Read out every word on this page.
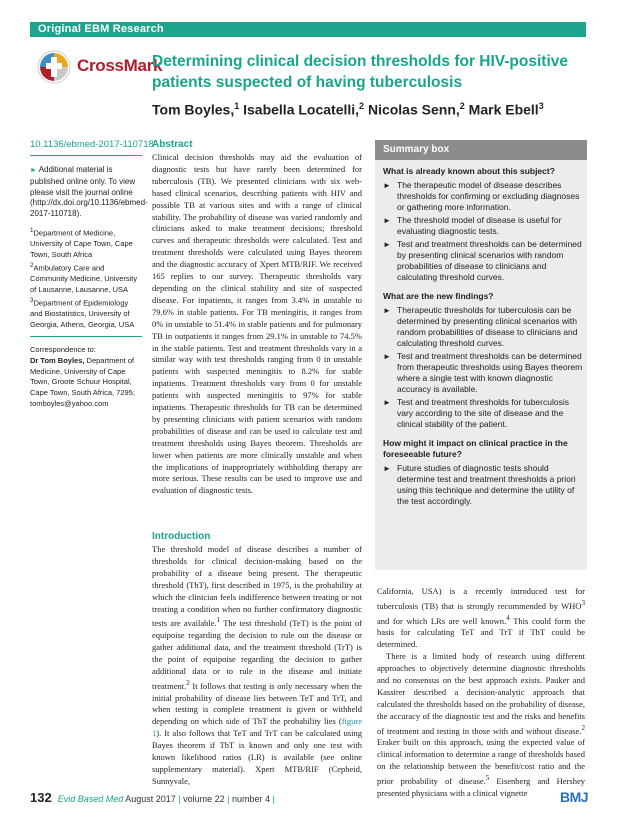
Original EBM Research
CrossMark
Determining clinical decision thresholds for HIV-positive patients suspected of having tuberculosis
Tom Boyles,$^1$ Isabella Locatelli,$^2$ Nicolas Senn,$^2$ Mark Ebell$^3$
10.1136/ebmed-2017-110718
► Additional material is published online only. To view please visit the journal online (http://dx.doi.org/10.1136/ebmed-2017-110718).

$^1$Department of Medicine, University of Cape Town, Cape Town, South Africa

$^2$Ambulatory Care and Community Medicine, University of Lausanne, Lausanne, USA

$^3$Department of Epidemiology and Biostatistics, University of Georgia, Athens, Georgia, USA

Correspondence to:

Dr Tom Boyles, Department of Medicine, University of Cape Town, Groote Schuur Hospital, Cape Town, South Africa, 7295; tomboyles@yahoo.com

Abstract

Clinical decision thresholds may aid the evaluation of diagnostic tests but have rarely been determined for tuberculosis (TB). We presented clinicians with six web-based clinical scenarios, describing patients with HIV and possible TB at various sites and with a range of clinical stability. The probability of disease was varied randomly and clinicians asked to make treatment decisions; threshold curves and therapeutic thresholds were calculated. Test and treatment thresholds were calculated using Bayes theorem and the diagnostic accuracy of Xpert MTB/RIF. We received 165 replies to our survey. Therapeutic thresholds vary depending on the clinical stability and site of suspected disease. For inpatients, it ranges from 3.4% in unstable to 79.6% in stable patients. For TB meningitis, it ranges from 0% in unstable to 51.4% in stable patients and for pulmonary TB in outpatients it ranges from 29.1% in unstable to 74.5% in the stable patients. Test and treatment thresholds vary in a similar way with test thresholds ranging from 0 in unstable patients with suspected meningitis to 8.2% for stable inpatients. Treatment thresholds vary from 0 for unstable patients with suspected meningitis to 97% for stable inpatients. Therapeutic thresholds for TB can be determined by presenting clinicians with patient scenarios with random probabilities of disease and can be used to calculate test and treatment thresholds using Bayes theorem. Thresholds are lower when patients are more clinically unstable and when the implications of inappropriately withholding therapy are more serious. These results can be used to improve use and evaluation of diagnostic tests.

Introduction

The threshold model of disease describes a number of thresholds for clinical decision-making based on the probability of a disease being present. The therapeutic threshold (ThT), first described in 1975, is the probability at which the clinician feels indifference between treating or not treating a condition when no further confirmatory diagnostic tests are available.$^1$ The test threshold (TeT) is the point of equipoise regarding the decision to rule out the disease or gather additional data, and the treatment threshold (TrT) is the point of equipoise regarding the decision to gather additional data or to rule in the disease and initiate treatment.$^2$ It follows that testing is only necessary when the initial probability of disease lies between TeT and TrT, and when testing is complete treatment is given or withheld depending on which side of ThT the probability lies (figure 1). It also follows that TeT and TrT can be calculated using Bayes theorem if ThT is known and only one test with known likelihood ratios (LR) is available (see online supplementary material). Xpert MTB/RIF (Cepheid, Sunnyvale,

Summary box

What is already known about this subject?

► The therapeutic model of disease describes thresholds for confirming or excluding diagnoses or gathering more information.
► The threshold model of disease is useful for evaluating diagnostic tests.
► Test and treatment thresholds can be determined by presenting clinical scenarios with random probabilities of disease to clinicians and calculating threshold curves.

What are the new findings?

► Therapeutic thresholds for tuberculosis can be determined by presenting clinical scenarios with random probabilities of disease to clinicians and calculating threshold curves.
► Test and treatment thresholds can be determined from therapeutic thresholds using Bayes theorem where a single test with known diagnostic accuracy is available.
► Test and treatment thresholds for tuberculosis vary according to the site of disease and the clinical stability of the patient.

How might it impact on clinical practice in the foreseeable future?

► Future studies of diagnostic tests should determine test and treatment thresholds a priori using this technique and determine the utility of the test accordingly.

California, USA) is a recently introduced test for tuberculosis (TB) that is strongly recommended by WHO$^3$ and for which LRs are well known.$^4$ This could form the basis for calculating TeT and TrT if ThT could be determined.

There is a limited body of research using different approaches to objectively determine diagnostic thresholds and no consensus on the best approach exists. Pauker and Kassirer described a decision-analytic approach that calculated the thresholds based on the probability of disease, the accuracy of the diagnostic test and the risks and benefits of treatment and testing in those with and without disease.$^2$ Eraker built on this approach, using the expected value of clinical information to determine a range of thresholds based on the relationship between the benefit/cost ratio and the prior probability of disease.$^5$ Eisenberg and Hershey presented physicians with a clinical vignette

132 Evid Based Med August 2017 | volume 22 | number 4 |	BMJ
